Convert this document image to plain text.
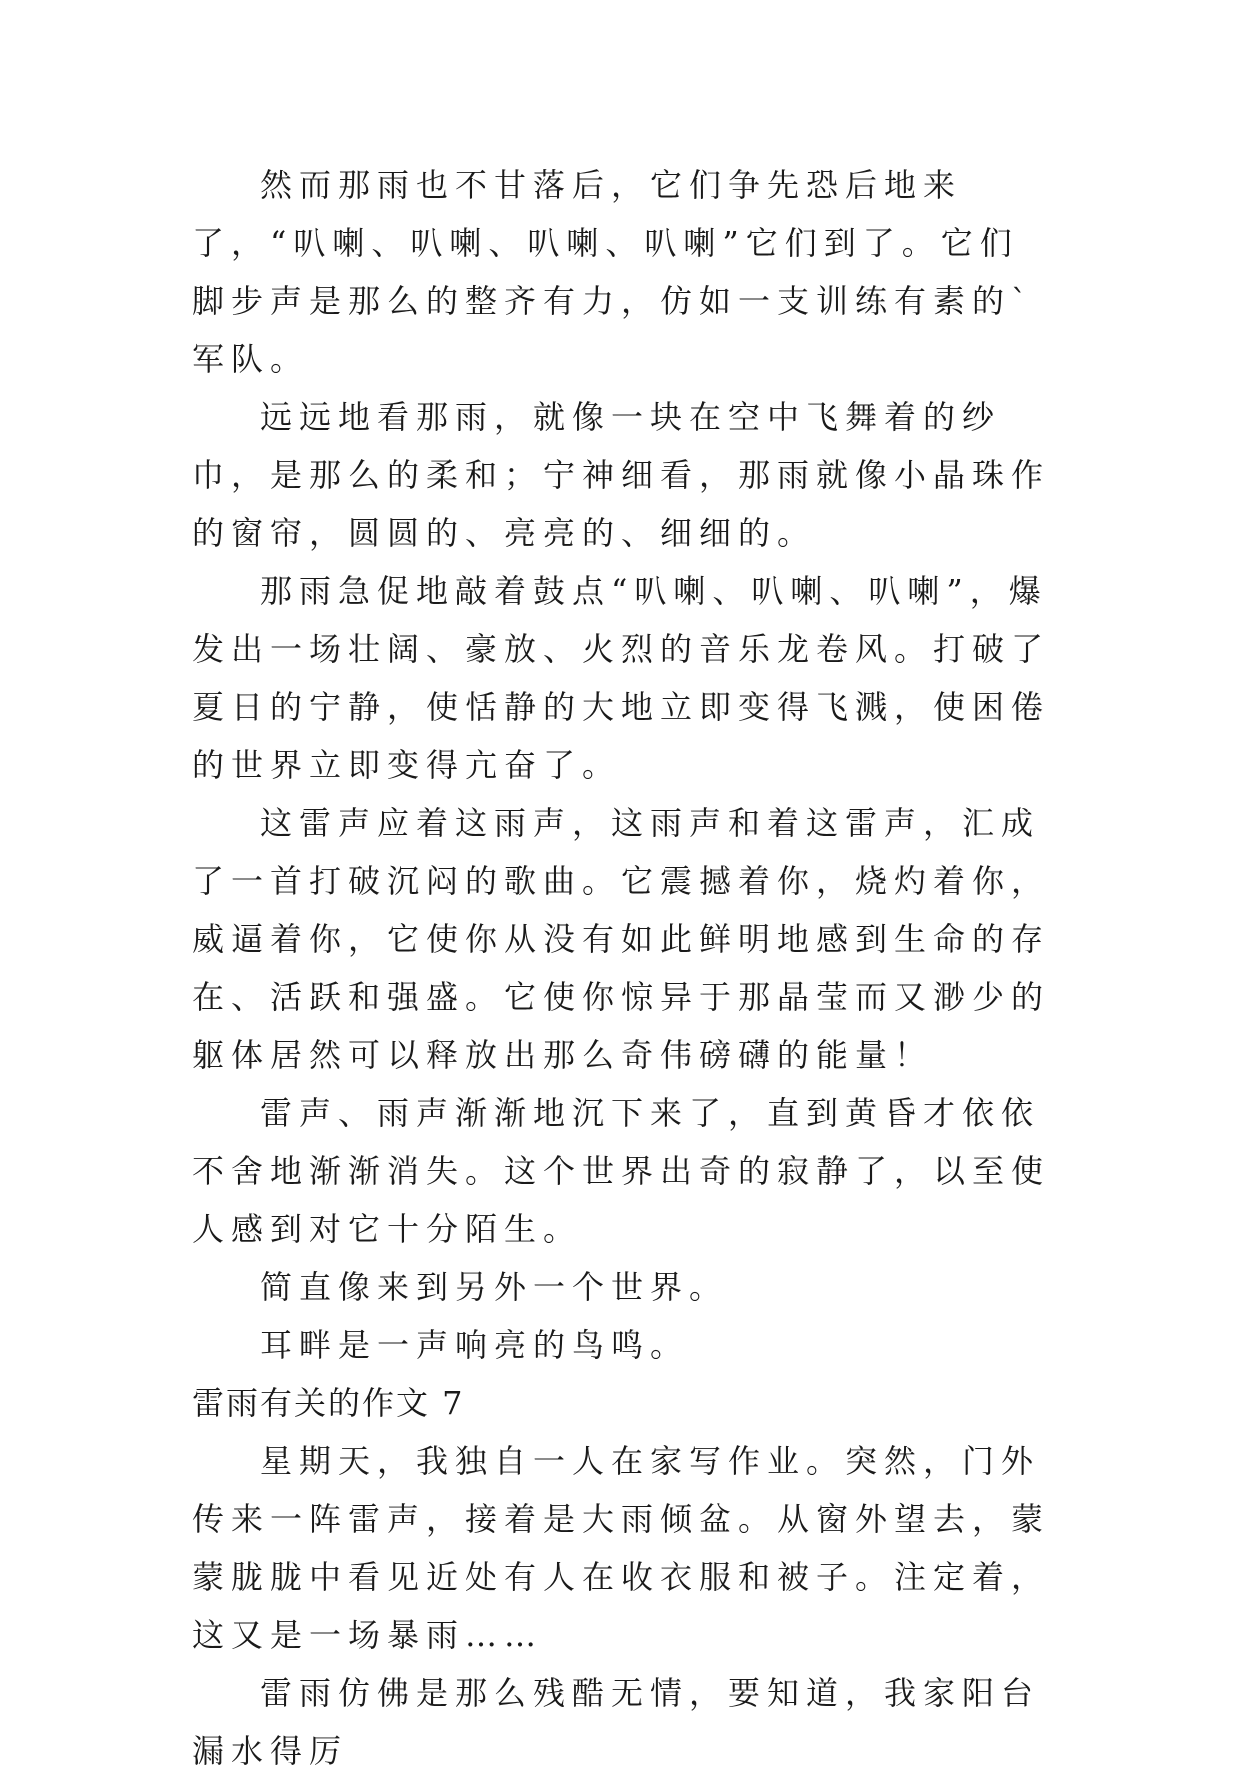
然而那雨也不甘落后，它们争先恐后地来了，“叭喇、叭喇、叭喇、叭喇”它们到了。它们脚步声是那么的整齐有力，仿如一支训练有素的`军队。

远远地看那雨，就像一块在空中飞舞着的纱巾，是那么的柔和；宁神细看，那雨就像小晶珠作的窗帘，圆圆的、亮亮的、细细的。

那雨急促地敲着鼓点“叭喇、叭喇、叭喇”，爆发出一场壮阔、豪放、火烈的音乐龙卷风。打破了夏日的宁静，使恬静的大地立即变得飞溅，使困倦的世界立即变得亢奋了。

这雷声应着这雨声，这雨声和着这雷声，汇成了一首打破沉闷的歌曲。它震撼着你，烧灼着你，威逼着你，它使你从没有如此鲜明地感到生命的存在、活跃和强盛。它使你惊异于那晶莹而又渺少的躯体居然可以释放出那么奇伟磅礴的能量！

雷声、雨声渐渐地沉下来了，直到黄昏才依依不舍地渐渐消失。这个世界出奇的寂静了，以至使人感到对它十分陌生。

简直像来到另外一个世界。

耳畔是一声响亮的鸟鸣。

雷雨有关的作文 7

星期天，我独自一人在家写作业。突然，门外传来一阵雷声，接着是大雨倾盆。从窗外望去，蒙蒙胧胧中看见近处有人在收衣服和被子。注定着，这又是一场暴雨……

雷雨仿佛是那么残酷无情，要知道，我家阳台漏水得厉
